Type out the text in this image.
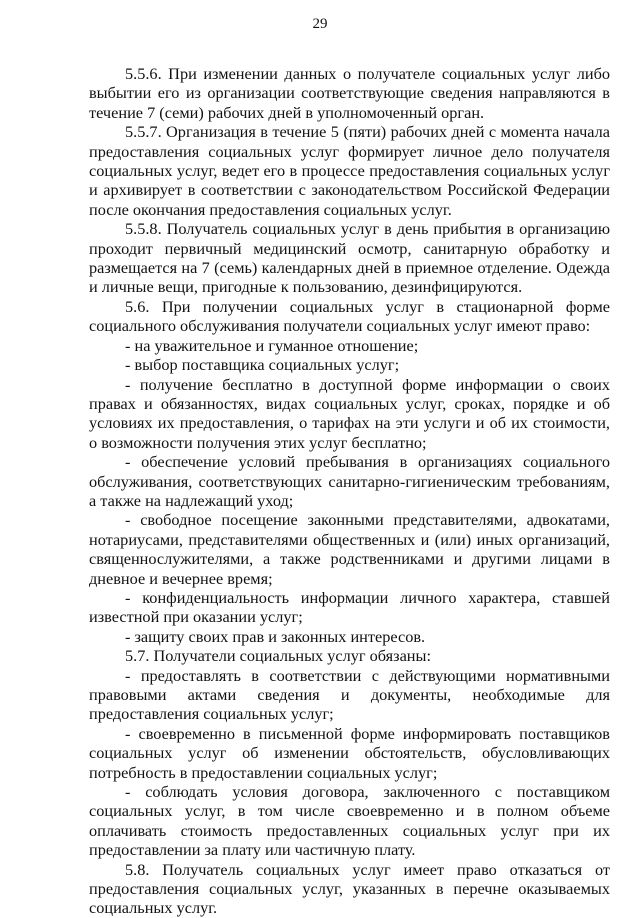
29

5.5.6. При изменении данных о получателе социальных услуг либо выбытии его из организации соответствующие сведения направляются в течение 7 (семи) рабочих дней в уполномоченный орган.

5.5.7. Организация в течение 5 (пяти) рабочих дней с момента начала предоставления социальных услуг формирует личное дело получателя социальных услуг, ведет его в процессе предоставления социальных услуг и архивирует в соответствии с законодательством Российской Федерации после окончания предоставления социальных услуг.

5.5.8. Получатель социальных услуг в день прибытия в организацию проходит первичный медицинский осмотр, санитарную обработку и размещается на 7 (семь) календарных дней в приемное отделение. Одежда и личные вещи, пригодные к пользованию, дезинфицируются.

5.6. При получении социальных услуг в стационарной форме социального обслуживания получатели социальных услуг имеют право:

- на уважительное и гуманное отношение;

- выбор поставщика социальных услуг;

- получение бесплатно в доступной форме информации о своих правах и обязанностях, видах социальных услуг, сроках, порядке и об условиях их предоставления, о тарифах на эти услуги и об их стоимости, о возможности получения этих услуг бесплатно;

- обеспечение условий пребывания в организациях социального обслуживания, соответствующих санитарно-гигиеническим требованиям, а также на надлежащий уход;

- свободное посещение законными представителями, адвокатами, нотариусами, представителями общественных и (или) иных организаций, священнослужителями, а также родственниками и другими лицами в дневное и вечернее время;

- конфиденциальность информации личного характера, ставшей известной при оказании услуг;

- защиту своих прав и законных интересов.

5.7. Получатели социальных услуг обязаны:

- предоставлять в соответствии с действующими нормативными правовыми актами сведения и документы, необходимые для предоставления социальных услуг;

- своевременно в письменной форме информировать поставщиков социальных услуг об изменении обстоятельств, обусловливающих потребность в предоставлении социальных услуг;

- соблюдать условия договора, заключенного с поставщиком социальных услуг, в том числе своевременно и в полном объеме оплачивать стоимость предоставленных социальных услуг при их предоставлении за плату или частичную плату.

5.8. Получатель социальных услуг имеет право отказаться от предоставления социальных услуг, указанных в перечне оказываемых социальных услуг.
